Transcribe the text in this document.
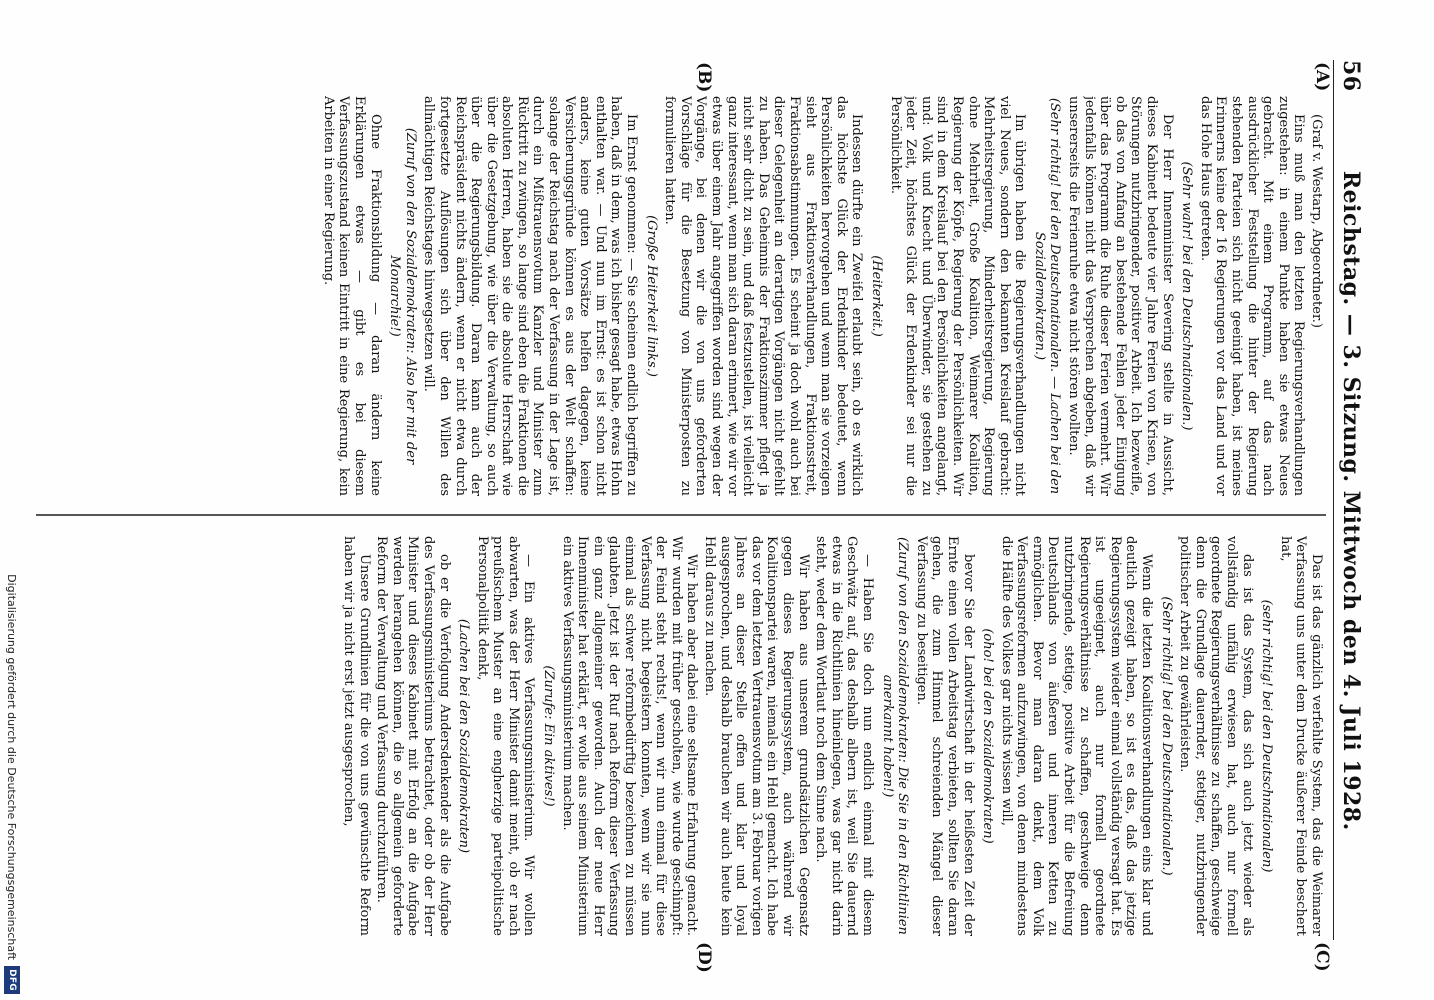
56
Reichstag. — 3. Sitzung. Mittwoch den 4. Juli 1928.
(A)
(B)
(C)
(D)

(Graf v. Westarp, Abgeordneter.)

Eins muß man den letzten Regierungsverhandlungen zugestehen: in einem Punkte haben sie etwas Neues gebracht. Mit einem Programm, auf das nach ausdrücklicher Feststellung die hinter der Regierung stehenden Parteien sich nicht geeinigt haben, ist meines Erinnerns keine der 16 Regierungen vor das Land und vor das Hohe Haus getreten.

(Sehr wahr! bei den Deutschnationalen.)

Der Herr Innenminister Severing stellte in Aussicht, dieses Kabinett bedeute vier Jahre Ferien von Krisen, von Störungen nutzbringender, positiver Arbeit. Ich bezweifle, ob das von Anfang an bestehende Fehlen jeder Einigung über das Programm die Ruhe dieser Ferien vermehrt. Wir jedenfalls können nicht das Versprechen abgeben, daß wir unsererseits die Ferienruhe etwa nicht stören wollten.

(Sehr richtig! bei den Deutschnationalen. — Lachen bei den Sozialdemokraten.)

Im übrigen haben die Regierungsverhandlungen nicht viel Neues, sondern den bekannten Kreislauf gebracht: Mehrheitsregierung, Minderheitsregierung, Regierung ohne Mehrheit, Große Koalition, Weimarer Koalition, Regierung der Köpfe, Regierung der Persönlichkeiten. Wir sind in dem Kreislauf bei den Persönlichkeiten angelangt, und: Volk und Knecht und Überwinder, sie gestehen zu jeder Zeit, höchstes Glück der Erdenkinder sei nur die Persönlichkeit.

(Heiterkeit.)

Indessen dürfte ein Zweifel erlaubt sein, ob es wirklich das höchste Glück der Erdenkinder bedeutet, wenn Persönlichkeiten hervorgehen und wenn man sie vorzeigen sieht aus Fraktionsverhandlungen, Fraktionsstreit, Fraktionsabstimmungen. Es scheint ja doch wohl auch bei dieser Gelegenheit an derartigen Vorgängen nicht gefehlt zu haben. Das Geheimnis der Fraktionszimmer pflegt ja nicht sehr dicht zu sein, und daß festzustellen, ist vielleicht ganz interessant, wenn man sich daran erinnert, wie wir vor etwas über einem Jahr angegriffen worden sind wegen der Vorgänge, bei denen wir die von uns geforderten Vorschläge für die Besetzung von Ministerposten zu formulieren hatten.

(Große Heiterkeit links.)

Im Ernst genommen: — Sie scheinen endlich begriffen zu haben, daß in dem, was ich bisher gesagt habe, etwas Hohn enthalten war. — Und nun im Ernst: es ist schon nicht anders, keine guten Vorsätze helfen dagegen, keine Versicherungsgründe können es aus der Welt schaffen: solange der Reichstag nach der Verfassung in der Lage ist, durch ein Mißtrauensvotum Kanzler und Minister zum Rücktritt zu zwingen, so lange sind eben die Fraktionen die absoluten Herren, haben sie die absolute Herrschaft wie über die Gesetzgebung, wie über die Verwaltung, so auch über die Regierungsbildung. Daran kann auch der Reichspräsident nichts ändern, wenn er nicht etwa durch fortgesetzte Auflösungen sich über den Willen des allmächtigen Reichstages hinwegsetzen will.

(Zuruf von den Sozialdemokraten: Also her mit der Monarchie!)

Ohne Fraktionsbildung — daran ändern keine Erklärungen etwas — gibt es bei diesem Verfassungszustand keinen Eintritt in eine Regierung, kein Arbeiten in einer Regierung.

Das ist das gänzlich verfehlte System, das die Weimarer Verfassung uns unter dem Drucke äußerer Feinde beschert hat,

(sehr richtig! bei den Deutschnationalen)

das ist das System, das sich auch jetzt wieder als vollständig unfähig erwiesen hat, auch nur formell geordnete Regierungsverhältnisse zu schaffen, geschweige denn die Grundlage dauernder, stetiger, nutzbringender politischer Arbeit zu gewährleisten.

(Sehr richtig! bei den Deutschnationalen.)

Wenn die letzten Koalitionsverhandlungen eins klar und deutlich gezeigt haben, so ist es das, daß das jetzige Regierungssystem wieder einmal vollständig versagt hat. Es ist ungeeignet, auch nur formell geordnete Regierungsverhältnisse zu schaffen, geschweige denn nutzbringende, stetige, positive Arbeit für die Befreiung Deutschlands von äußeren und inneren Ketten zu ermöglichen. Bevor man daran denkt, dem Volk Verfassungsreformen aufzuzwingen, von denen mindestens die Hälfte des Volkes gar nichts wissen will,

(oho! bei den Sozialdemokraten)

bevor Sie der Landwirtschaft in der heißesten Zeit der Ernte einen vollen Arbeitstag verbieten, sollten Sie daran gehen, die zum Himmel schreienden Mängel dieser Verfassung zu beseitigen.

(Zuruf von den Sozialdemokraten: Die Sie in den Richtlinien anerkannt haben!)

— Haben Sie doch nun endlich einmal mit diesem Geschwätz auf, das deshalb albern ist, weil Sie dauernd etwas in die Richtlinien hineinlegen, was gar nicht darin steht, weder dem Wortlaut noch dem Sinne nach.

Wir haben aus unserem grundsätzlichen Gegensatz gegen dieses Regierungssystem, auch während wir Koalitionspartei waren, niemals ein Hehl gemacht. Ich habe das vor dem letzten Vertrauensvotum am 3. Februar vorigen Jahres an dieser Stelle offen und klar und loyal ausgesprochen, und deshalb brauchen wir auch heute kein Hehl daraus zu machen.

Wir haben aber dabei eine seltsame Erfahrung gemacht. Wir wurden mit früher gescholten, wie wurde geschimpft: der Feind steht rechts!, wenn wir nun einmal für diese Verfassung nicht begeistern konnten, wenn wir sie nun einmal als schwer reformbedürftig bezeichnen zu müssen glaubten. Jetzt ist der Ruf nach Reform dieser Verfassung ein ganz allgemeiner geworden. Auch der neue Herr Innenminister hat erklärt, er wolle aus seinem Ministerium ein aktives Verfassungsministerium machen.

(Zurufe: Ein aktives!)

— Ein aktives Verfassungsministerium. Wir wollen abwarten, was der Herr Minister damit meint, ob er nach preußischem Muster an eine engherzige parteipolitische Personalpolitik denkt,

(Lachen bei den Sozialdemokraten)

ob er die Verfolgung Andersdenkender als die Aufgabe des Verfassungsministeriums betrachtet, oder ob der Herr Minister und dieses Kabinett mit Erfolg an die Aufgabe werden herangehen können, die so allgemein geforderte Reform der Verwaltung und Verfassung durchzuführen.

Unsere Grundlinien für die von uns gewünschte Reform haben wir ja nicht erst jetzt ausgesprochen,

Digitalisierung gefördert durch die Deutsche Forschungsgemeinschaft
DFG
